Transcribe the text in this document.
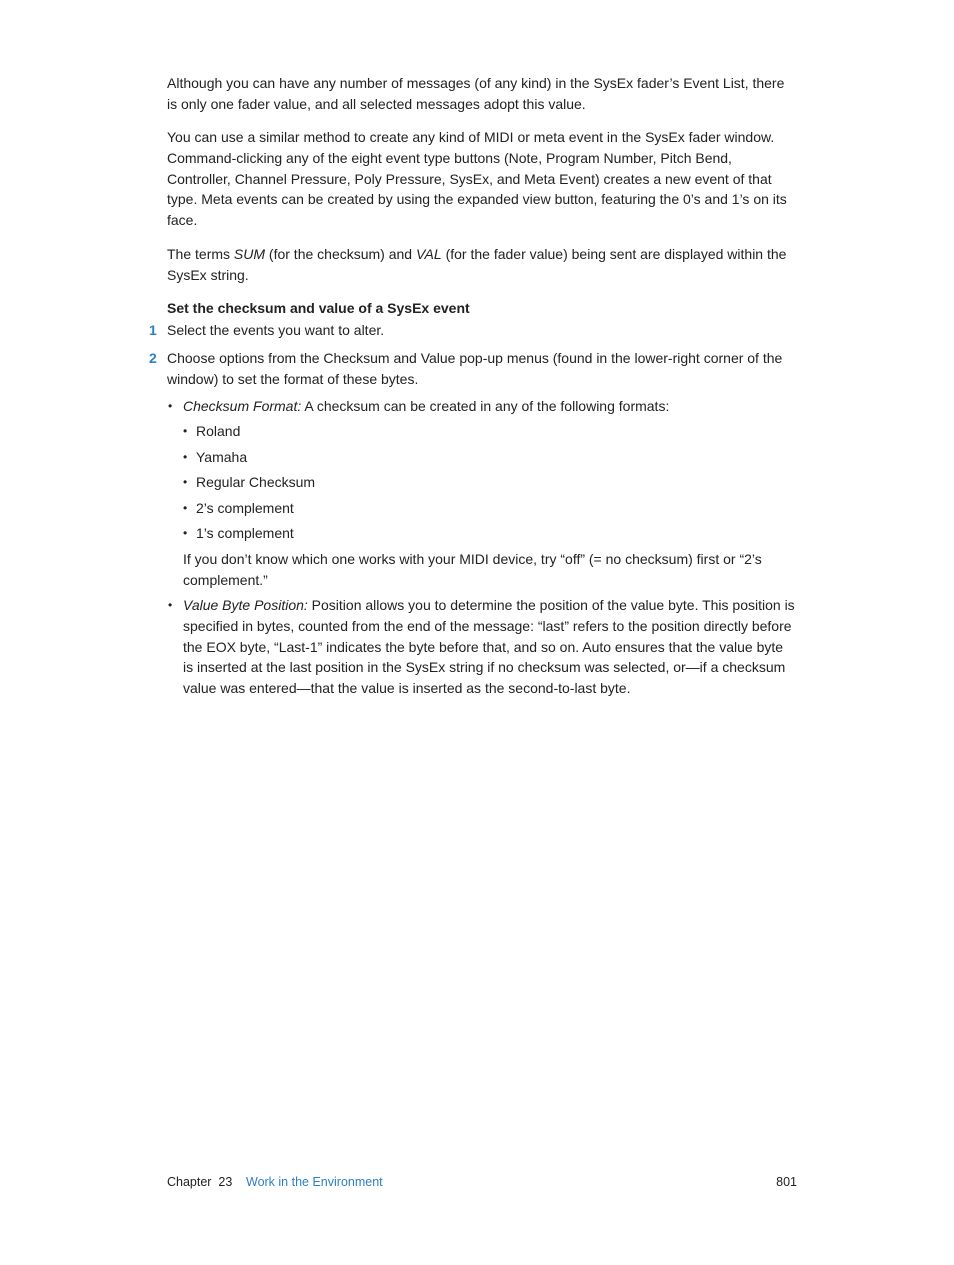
Although you can have any number of messages (of any kind) in the SysEx fader’s Event List, there is only one fader value, and all selected messages adopt this value.

You can use a similar method to create any kind of MIDI or meta event in the SysEx fader window. Command-clicking any of the eight event type buttons (Note, Program Number, Pitch Bend, Controller, Channel Pressure, Poly Pressure, SysEx, and Meta Event) creates a new event of that type. Meta events can be created by using the expanded view button, featuring the 0’s and 1’s on its face.

The terms SUM (for the checksum) and VAL (for the fader value) being sent are displayed within the SysEx string.

Set the checksum and value of a SysEx event

1 Select the events you want to alter.

2 Choose options from the Checksum and Value pop-up menus (found in the lower-right corner of the window) to set the format of these bytes.

• Checksum Format: A checksum can be created in any of the following formats:

• Roland

• Yamaha

• Regular Checksum

• 2’s complement

• 1’s complement

If you don’t know which one works with your MIDI device, try “off” (= no checksum) first or “2’s complement.”

• Value Byte Position: Position allows you to determine the position of the value byte. This position is specified in bytes, counted from the end of the message: “last” refers to the position directly before the EOX byte, “Last-1” indicates the byte before that, and so on. Auto ensures that the value byte is inserted at the last position in the SysEx string if no checksum was selected, or—if a checksum value was entered—that the value is inserted as the second-to-last byte.

Chapter  23 Work in the Environment	801
